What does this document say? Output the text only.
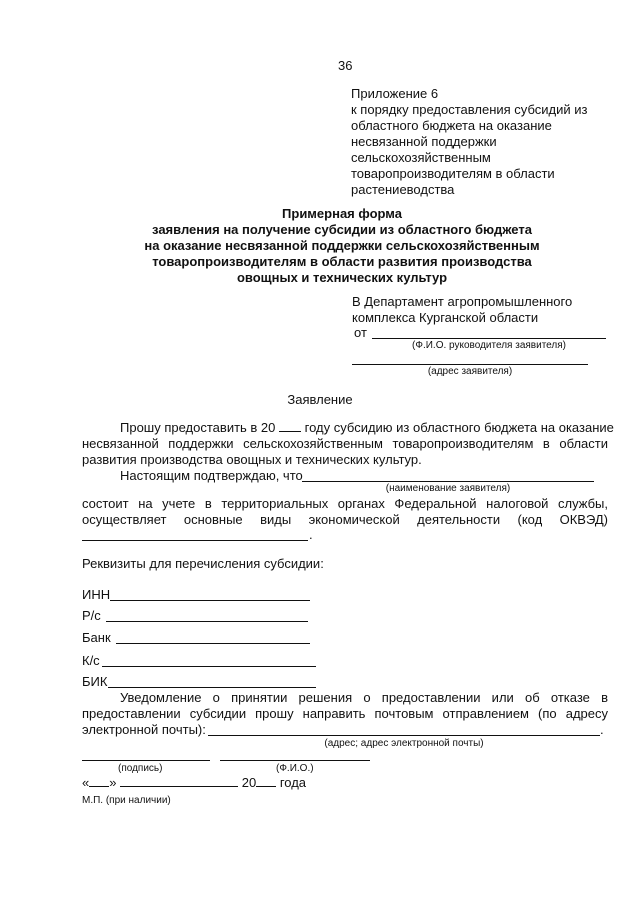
36
Приложение 6
к порядку предоставления субсидий из
областного бюджета на оказание
несвязанной поддержки
сельскохозяйственным
товаропроизводителям в области
растениеводства
Примерная форма
заявления на получение субсидии из областного бюджета
на оказание несвязанной поддержки сельскохозяйственным
товаропроизводителям в области развития производства
овощных и технических культур
В Департамент агропромышленного
комплекса Курганской области
от
(Ф.И.О. руководителя заявителя)
(адрес заявителя)
Заявление
Прошу предоставить в 20 году субсидию из областного бюджета на оказание
несвязанной поддержки сельскохозяйственным товаропроизводителям в области
развития производства овощных и технических культур.
Настоящим подтверждаю, что
(наименование заявителя)
состоит на учете в территориальных органах Федеральной налоговой службы,
осуществляет основные виды экономической деятельности (код ОКВЭД)
.
Реквизиты для перечисления субсидии:
ИНН
Р/с
Банк
К/с
БИК
Уведомление о принятии решения о предоставлении или об отказе в
предоставлении субсидии прошу направить почтовым отправлением (по адресу
электронной почты):	.
(адрес; адрес электронной почты)
(подпись)	(Ф.И.О.)
« »	20 года
М.П. (при наличии)
